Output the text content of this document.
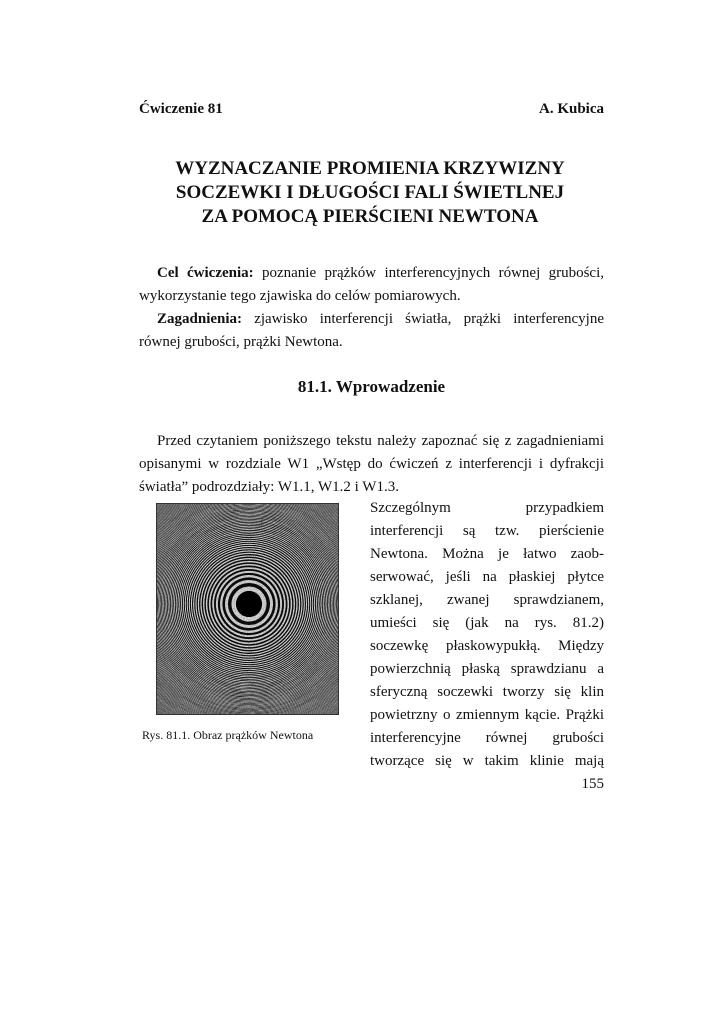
Ćwiczenie 81	A. Kubica
WYZNACZANIE PROMIENIA KRZYWIZNY
SOCZEWKI I DŁUGOŚCI FALI ŚWIETLNEJ
ZA POMOCĄ PIERŚCIENI NEWTONA
Cel ćwiczenia: poznanie prążków interferencyjnych równej grubości, wykorzystanie tego zjawiska do celów pomiarowych.
Zagadnienia: zjawisko interferencji światła, prążki interferencyjne równej grubości, prążki Newtona.
81.1. Wprowadzenie
Przed czytaniem poniższego tekstu należy zapoznać się z zagadnieniami opisanymi w rozdziale W1 „Wstęp do ćwiczeń z interferencji i dyfrakcji światła” podrozdziały: W1.1, W1.2 i W1.3.
Rys. 81.1. Obraz prążków Newtona
Szczególnym przypadkiem
interferencji są tzw. pierścienie
Newtona. Można je łatwo zaob-
serwować, jeśli na płaskiej płytce
szklanej, zwanej sprawdzianem,
umieści się (jak na rys. 81.2)
soczewkę płaskowypukłą. Między
powierzchnią płaską sprawdzianu a
sferyczną soczewki tworzy się klin
powietrzny o zmiennym kącie. Prążki
interferencyjne równej grubości
tworzące się w takim klinie mają
155
